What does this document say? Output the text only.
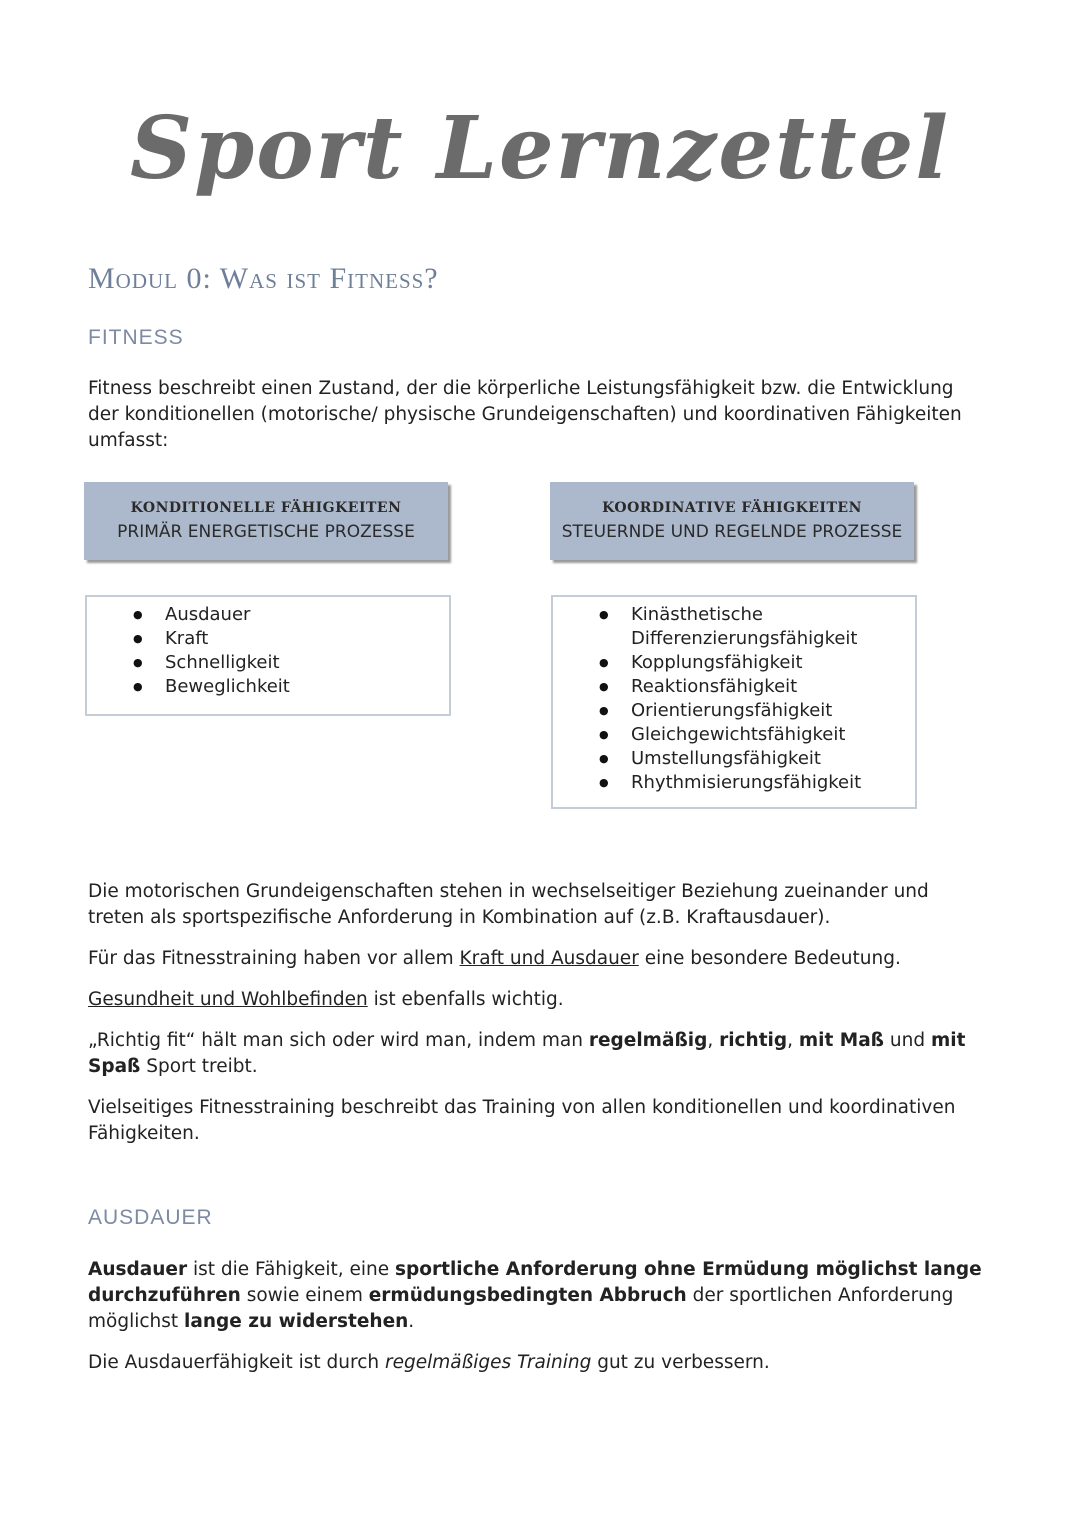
Sport Lernzettel
Modul 0: Was ist Fitness?
FITNESS

Fitness beschreibt einen Zustand, der die körperliche Leistungsfähigkeit bzw. die Entwicklung der konditionellen (motorische/ physische Grundeigenschaften) und koordinativen Fähigkeiten umfasst:

KONDITIONELLE FÄHIGKEITEN
PRIMÄR ENERGETISCHE PROZESSE
KOORDINATIVE FÄHIGKEITEN
STEUERNDE UND REGELNDE PROZESSE
● Ausdauer
● Kraft
● Schnelligkeit
● Beweglichkeit
● Kinästhetische Differenzierungsfähigkeit
● Kopplungsfähigkeit
● Reaktionsfähigkeit
● Orientierungsfähigkeit
● Gleichgewichtsfähigkeit
● Umstellungsfähigkeit
● Rhythmisierungsfähigkeit

Die motorischen Grundeigenschaften stehen in wechselseitiger Beziehung zueinander und treten als sportspezifische Anforderung in Kombination auf (z.B. Kraftausdauer).

Für das Fitnesstraining haben vor allem Kraft und Ausdauer eine besondere Bedeutung.

Gesundheit und Wohlbefinden ist ebenfalls wichtig.

„Richtig fit“ hält man sich oder wird man, indem man regelmäßig, richtig, mit Maß und mit Spaß Sport treibt.

Vielseitiges Fitnesstraining beschreibt das Training von allen konditionellen und koordinativen Fähigkeiten.

AUSDAUER

Ausdauer ist die Fähigkeit, eine sportliche Anforderung ohne Ermüdung möglichst lange durchzuführen sowie einem ermüdungsbedingten Abbruch der sportlichen Anforderung möglichst lange zu widerstehen.

Die Ausdauerfähigkeit ist durch regelmäßiges Training gut zu verbessern.
